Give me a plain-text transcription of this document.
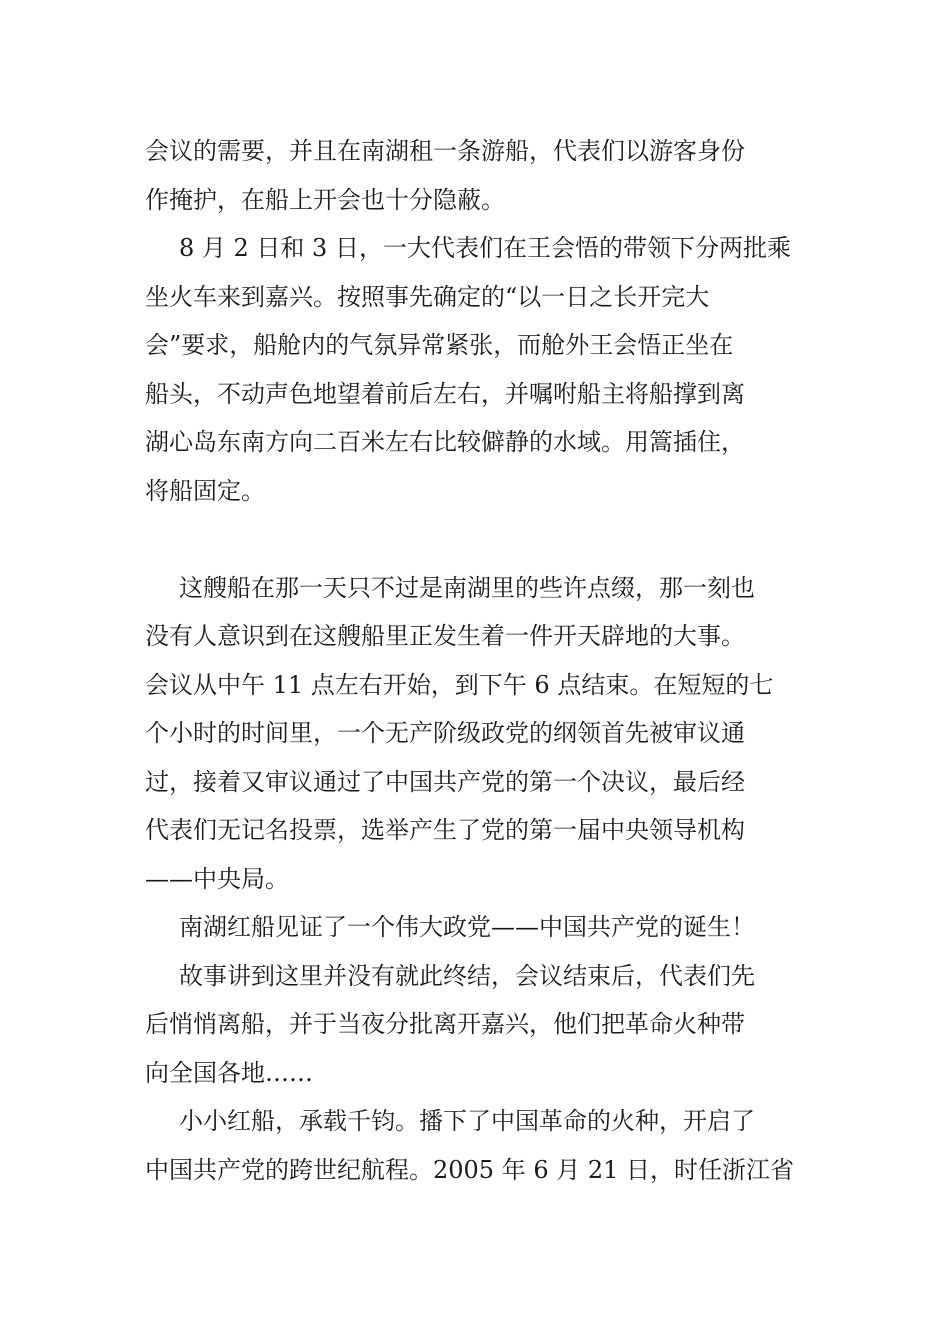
会议的需要，并且在南湖租一条游船，代表们以游客身份
作掩护，在船上开会也十分隐蔽。
8 月 2 日和 3 日，一大代表们在王会悟的带领下分两批乘
坐火车来到嘉兴。按照事先确定的“以一日之长开完大
会”要求，船舱内的气氛异常紧张，而舱外王会悟正坐在
船头，不动声色地望着前后左右，并嘱咐船主将船撑到离
湖心岛东南方向二百米左右比较僻静的水域。用篙插住，
将船固定。
这艘船在那一天只不过是南湖里的些许点缀，那一刻也
没有人意识到在这艘船里正发生着一件开天辟地的大事。
会议从中午 11 点左右开始，到下午 6 点结束。在短短的七
个小时的时间里，一个无产阶级政党的纲领首先被审议通
过，接着又审议通过了中国共产党的第一个决议，最后经
代表们无记名投票，选举产生了党的第一届中央领导机构
——中央局。
南湖红船见证了一个伟大政党——中国共产党的诞生！
故事讲到这里并没有就此终结，会议结束后，代表们先
后悄悄离船，并于当夜分批离开嘉兴，他们把革命火种带
向全国各地……
小小红船，承载千钧。播下了中国革命的火种，开启了
中国共产党的跨世纪航程。2005 年 6 月 21 日，时任浙江省
